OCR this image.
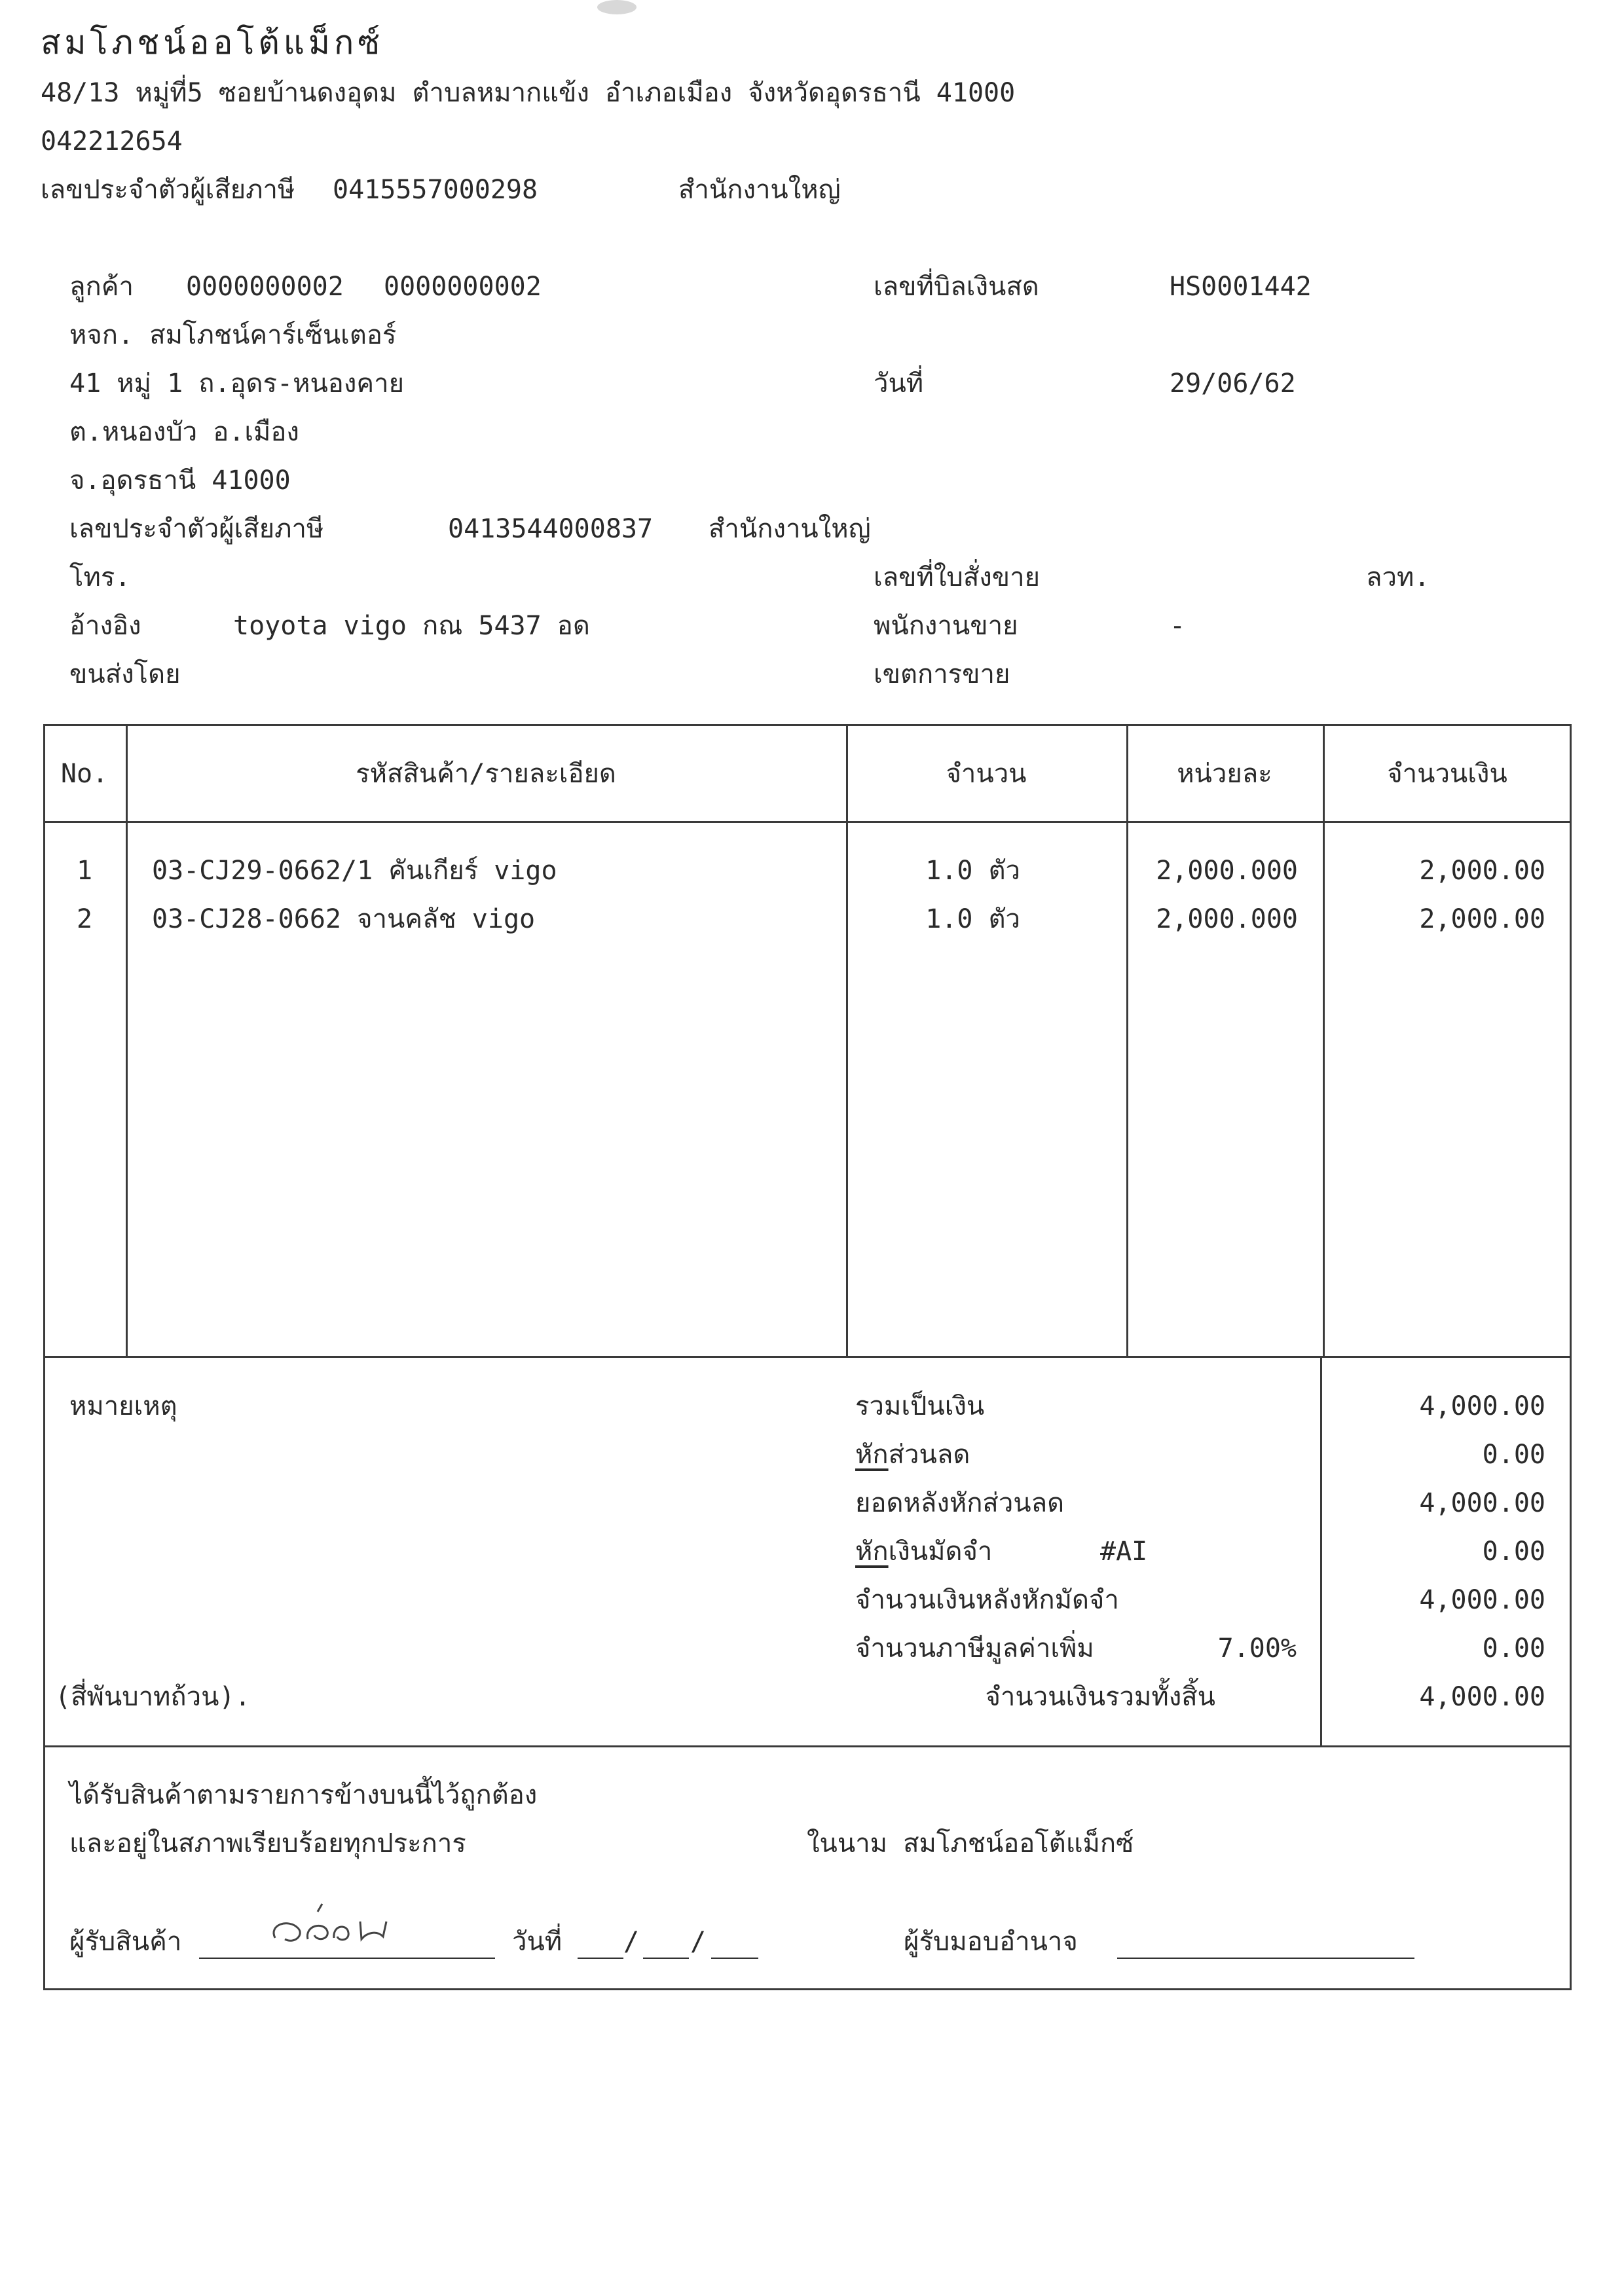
สมโภชน์ออโต้แม็กซ์
48/13 หมู่ที่5 ซอยบ้านดงอุดม ตำบลหมากแข้ง อำเภอเมือง จังหวัดอุดรธานี 41000
042212654
เลขประจำตัวผู้เสียภาษี 0415557000298	สำนักงานใหญ่
ลูกค้า 0000000002 0000000002
หจก. สมโภชน์คาร์เซ็นเตอร์
41 หมู่ 1 ถ.อุดร-หนองคาย
ต.หนองบัว อ.เมือง
จ.อุดรธานี 41000
เลขประจำตัวผู้เสียภาษี	0413544000837 สำนักงานใหญ่
โทร.
อ้างอิง	toyota vigo กณ 5437 อด
ขนส่งโดย
เลขที่บิลเงินสด	HS0001442
วันที่	29/06/62
เลขที่ใบสั่งขาย	ลวท.
พนักงานขาย	-
เขตการขาย
No.	รหัสสินค้า/รายละเอียด	จำนวน	หน่วยละ	จำนวนเงิน
1	03-CJ29-0662/1 คันเกียร์ vigo	1.0 ตัว	2,000.000	2,000.00
2	03-CJ28-0662 จานคลัช vigo	1.0 ตัว	2,000.000	2,000.00
หมายเหตุ	รวมเป็นเงิน	4,000.00
หักส่วนลด	0.00
ยอดหลังหักส่วนลด	4,000.00
หักเงินมัดจำ	#AI	0.00
จำนวนเงินหลังหักมัดจำ	4,000.00
จำนวนภาษีมูลค่าเพิ่ม	7.00%	0.00
(สี่พันบาทถ้วน).	จำนวนเงินรวมทั้งสิ้น	4,000.00
ได้รับสินค้าตามรายการข้างบนนี้ไว้ถูกต้อง
และอยู่ในสภาพเรียบร้อยทุกประการ	ในนาม สมโภชน์ออโต้แม็กซ์
ผู้รับสินค้า	วันที่ / /	ผู้รับมอบอำนาจ
